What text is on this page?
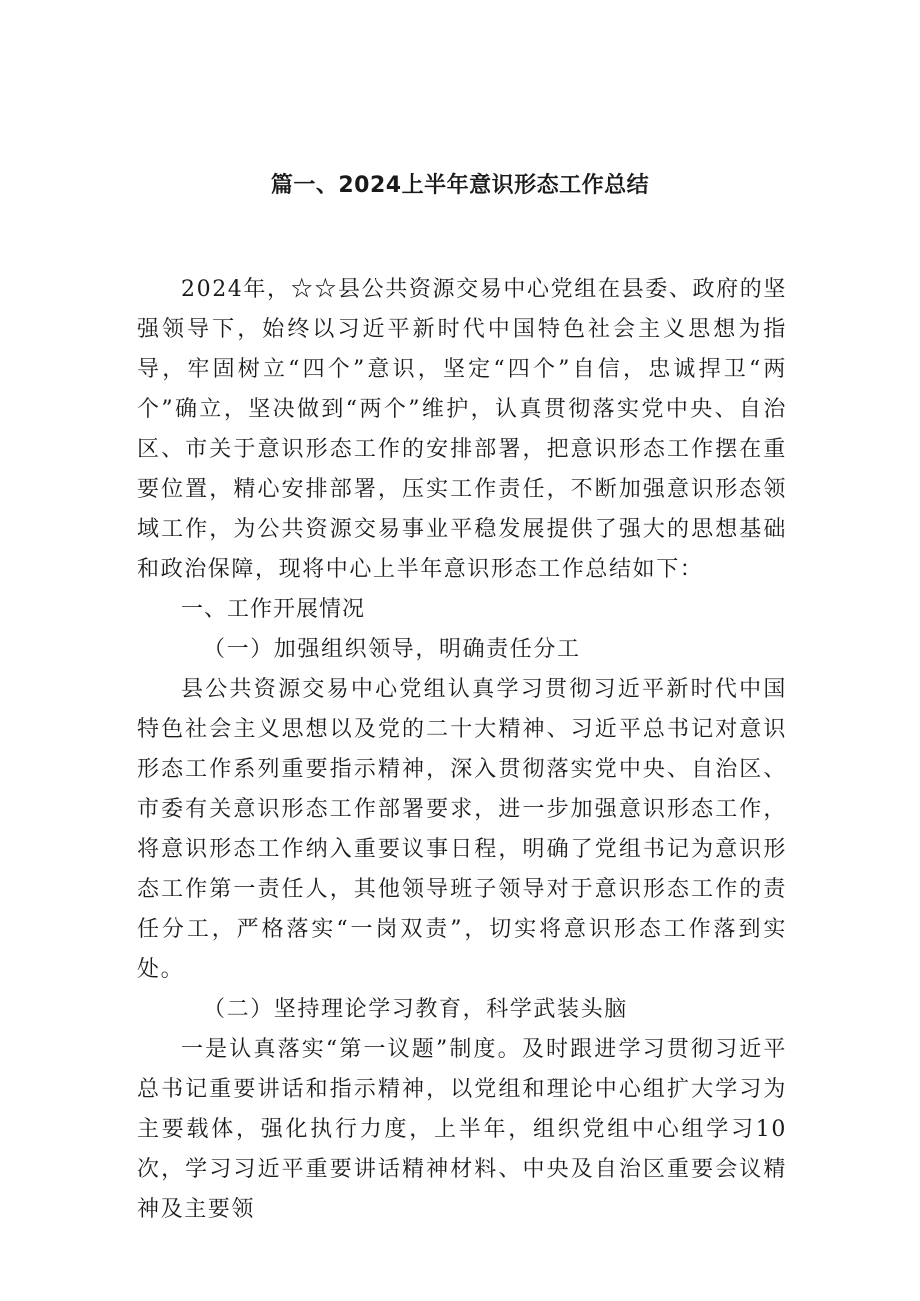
篇一、2024上半年意识形态工作总结

2024年，☆☆县公共资源交易中心党组在县委、政府的坚强领导下，始终以习近平新时代中国特色社会主义思想为指导，牢固树立“四个”意识，坚定“四个”自信，忠诚捍卫“两个”确立，坚决做到“两个”维护，认真贯彻落实党中央、自治区、市关于意识形态工作的安排部署，把意识形态工作摆在重要位置，精心安排部署，压实工作责任，不断加强意识形态领域工作，为公共资源交易事业平稳发展提供了强大的思想基础和政治保障，现将中心上半年意识形态工作总结如下：

一、工作开展情况

（一）加强组织领导，明确责任分工

县公共资源交易中心党组认真学习贯彻习近平新时代中国特色社会主义思想以及党的二十大精神、习近平总书记对意识形态工作系列重要指示精神，深入贯彻落实党中央、自治区、市委有关意识形态工作部署要求，进一步加强意识形态工作，将意识形态工作纳入重要议事日程，明确了党组书记为意识形态工作第一责任人，其他领导班子领导对于意识形态工作的责任分工，严格落实“一岗双责”，切实将意识形态工作落到实处。

（二）坚持理论学习教育，科学武装头脑

一是认真落实“第一议题”制度。及时跟进学习贯彻习近平总书记重要讲话和指示精神，以党组和理论中心组扩大学习为主要载体，强化执行力度，上半年，组织党组中心组学习10次，学习习近平重要讲话精神材料、中央及自治区重要会议精神及主要领
